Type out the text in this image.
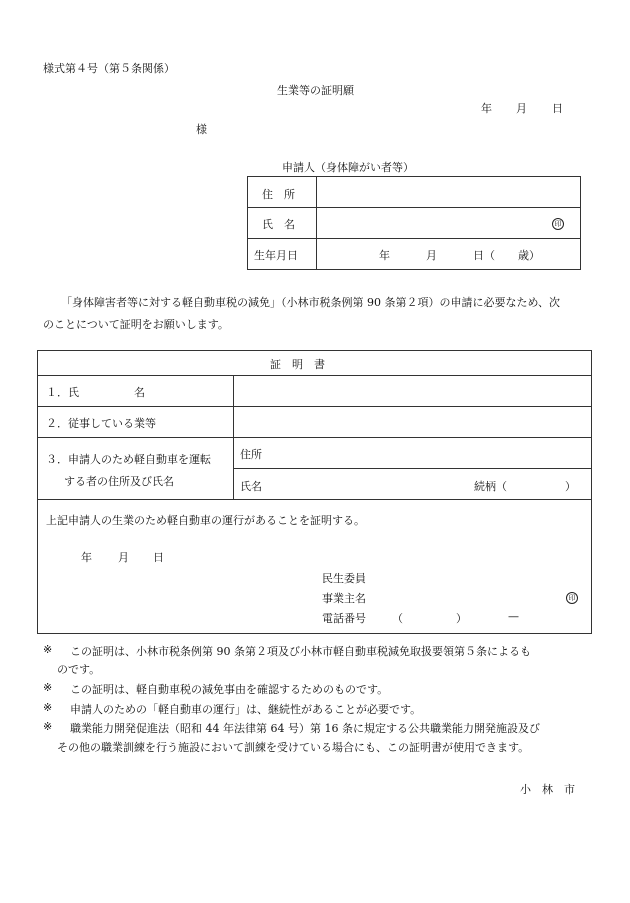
様式第４号（第５条関係）
生業等の証明願
年 月 日
様
申請人（身体障がい者等）
住　所
氏　名	印
生年月日	年	月	日（ 歳）
「身体障害者等に対する軽自動車税の減免」（小林市税条例第 90 条第２項）の申請に必要なため、次
のことについて証明をお願いします。
証　明　書
１．氏　　　　　名
２．従事している業等
３．申請人のため軽自動車を運転
する者の住所及び氏名
住所
氏名	続柄（	）
上記申請人の生業のため軽自動車の運行があることを証明する。
年 月 日
民生委員
事業主名	印
電話番号 （	）	—
※ この証明は、小林市税条例第 90 条第２項及び小林市軽自動車税減免取扱要領第５条によるも
のです。
※ この証明は、軽自動車税の減免事由を確認するためのものです。
※ 申請人のための「軽自動車の運行」は、継続性があることが必要です。
※ 職業能力開発促進法（昭和 44 年法律第 64 号）第 16 条に規定する公共職業能力開発施設及び
その他の職業訓練を行う施設において訓練を受けている場合にも、この証明書が使用できます。
小　林　市
